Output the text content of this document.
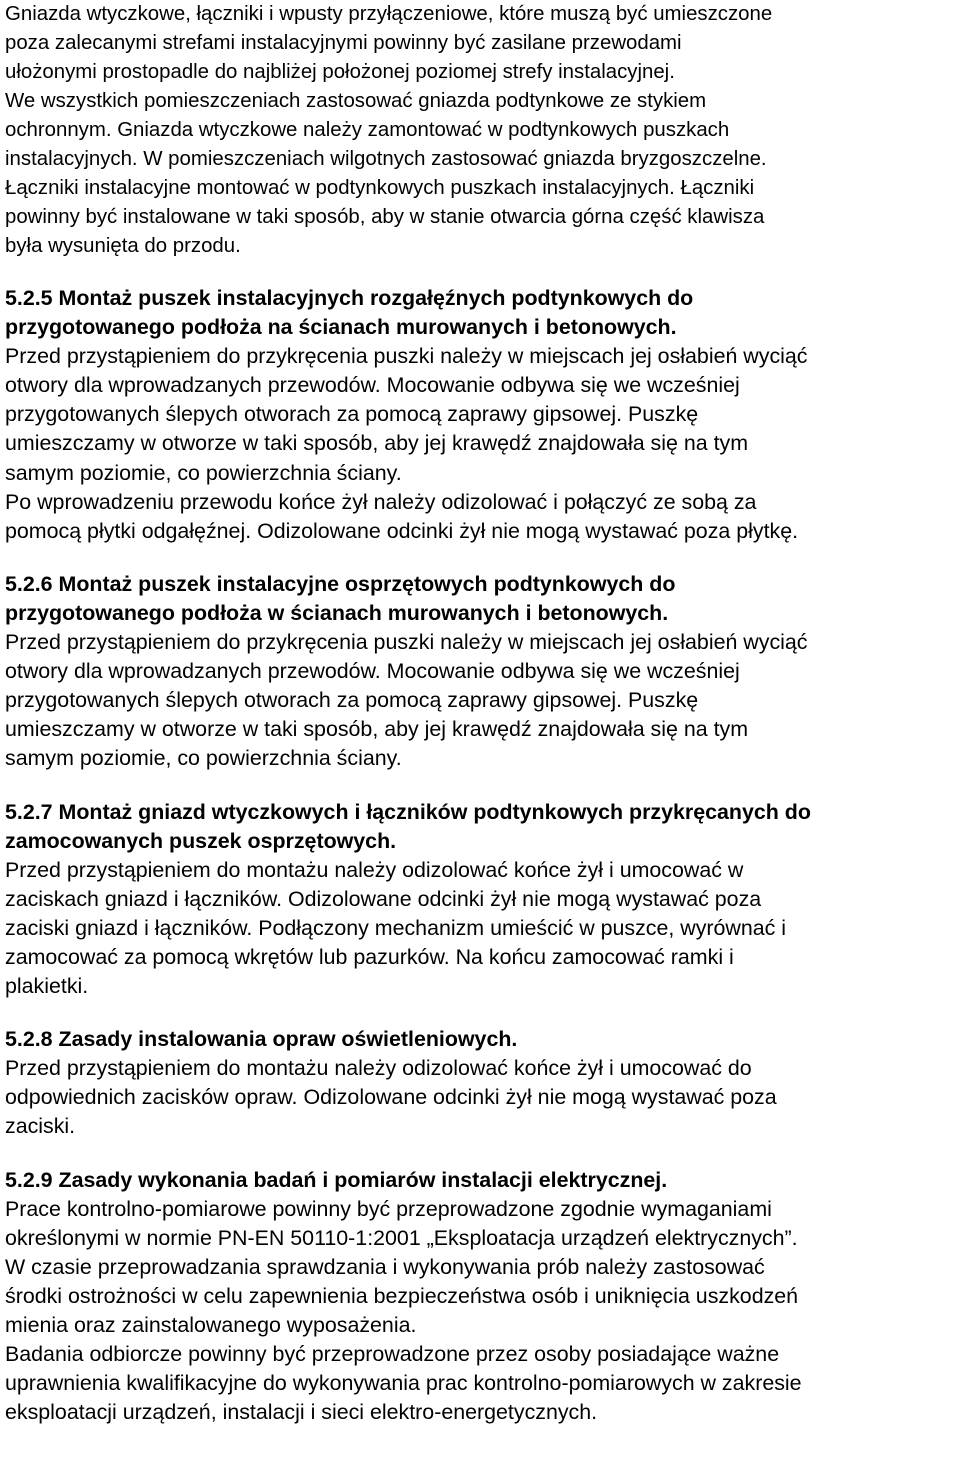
Gniazda wtyczkowe, łączniki i wpusty przyłączeniowe, które muszą być umieszczone
poza zalecanymi strefami instalacyjnymi powinny być zasilane przewodami
ułożonymi prostopadle do najbliżej położonej poziomej strefy instalacyjnej.
We wszystkich pomieszczeniach zastosować gniazda podtynkowe ze stykiem
ochronnym. Gniazda wtyczkowe należy zamontować w podtynkowych puszkach
instalacyjnych. W pomieszczeniach wilgotnych zastosować gniazda bryzgoszczelne.
Łączniki instalacyjne montować w podtynkowych puszkach instalacyjnych. Łączniki
powinny być instalowane w taki sposób, aby w stanie otwarcia górna część klawisza
była wysunięta do przodu.
5.2.5 Montaż puszek instalacyjnych rozgałęźnych podtynkowych do
przygotowanego podłoża na ścianach murowanych i betonowych.
Przed przystąpieniem do przykręcenia puszki należy w miejscach jej osłabień wyciąć
otwory dla wprowadzanych przewodów. Mocowanie odbywa się we wcześniej
przygotowanych ślepych otworach za pomocą zaprawy gipsowej. Puszkę
umieszczamy w otworze w taki sposób, aby jej krawędź znajdowała się na tym
samym poziomie, co powierzchnia ściany.
Po wprowadzeniu przewodu końce żył należy odizolować i połączyć ze sobą za
pomocą płytki odgałęźnej. Odizolowane odcinki żył nie mogą wystawać poza płytkę.
5.2.6 Montaż puszek instalacyjne osprzętowych podtynkowych do
przygotowanego podłoża w ścianach murowanych i betonowych.
Przed przystąpieniem do przykręcenia puszki należy w miejscach jej osłabień wyciąć
otwory dla wprowadzanych przewodów. Mocowanie odbywa się we wcześniej
przygotowanych ślepych otworach za pomocą zaprawy gipsowej. Puszkę
umieszczamy w otworze w taki sposób, aby jej krawędź znajdowała się na tym
samym poziomie, co powierzchnia ściany.
5.2.7 Montaż gniazd wtyczkowych i łączników podtynkowych przykręcanych do
zamocowanych puszek osprzętowych.
Przed przystąpieniem do montażu należy odizolować końce żył i umocować w
zaciskach gniazd i łączników. Odizolowane odcinki żył nie mogą wystawać poza
zaciski gniazd i łączników. Podłączony mechanizm umieścić w puszce, wyrównać i
zamocować za pomocą wkrętów lub pazurków. Na końcu zamocować ramki i
plakietki.
5.2.8 Zasady instalowania opraw oświetleniowych.
Przed przystąpieniem do montażu należy odizolować końce żył i umocować do
odpowiednich zacisków opraw. Odizolowane odcinki żył nie mogą wystawać poza
zaciski.
5.2.9 Zasady wykonania badań i pomiarów instalacji elektrycznej.
Prace kontrolno-pomiarowe powinny być przeprowadzone zgodnie wymaganiami
określonymi w normie PN-EN 50110-1:2001 „Eksploatacja urządzeń elektrycznych”.
W czasie przeprowadzania sprawdzania i wykonywania prób należy zastosować
środki ostrożności w celu zapewnienia bezpieczeństwa osób i uniknięcia uszkodzeń
mienia oraz zainstalowanego wyposażenia.
Badania odbiorcze powinny być przeprowadzone przez osoby posiadające ważne
uprawnienia kwalifikacyjne do wykonywania prac kontrolno-pomiarowych w zakresie
eksploatacji urządzeń, instalacji i sieci elektro-energetycznych.
